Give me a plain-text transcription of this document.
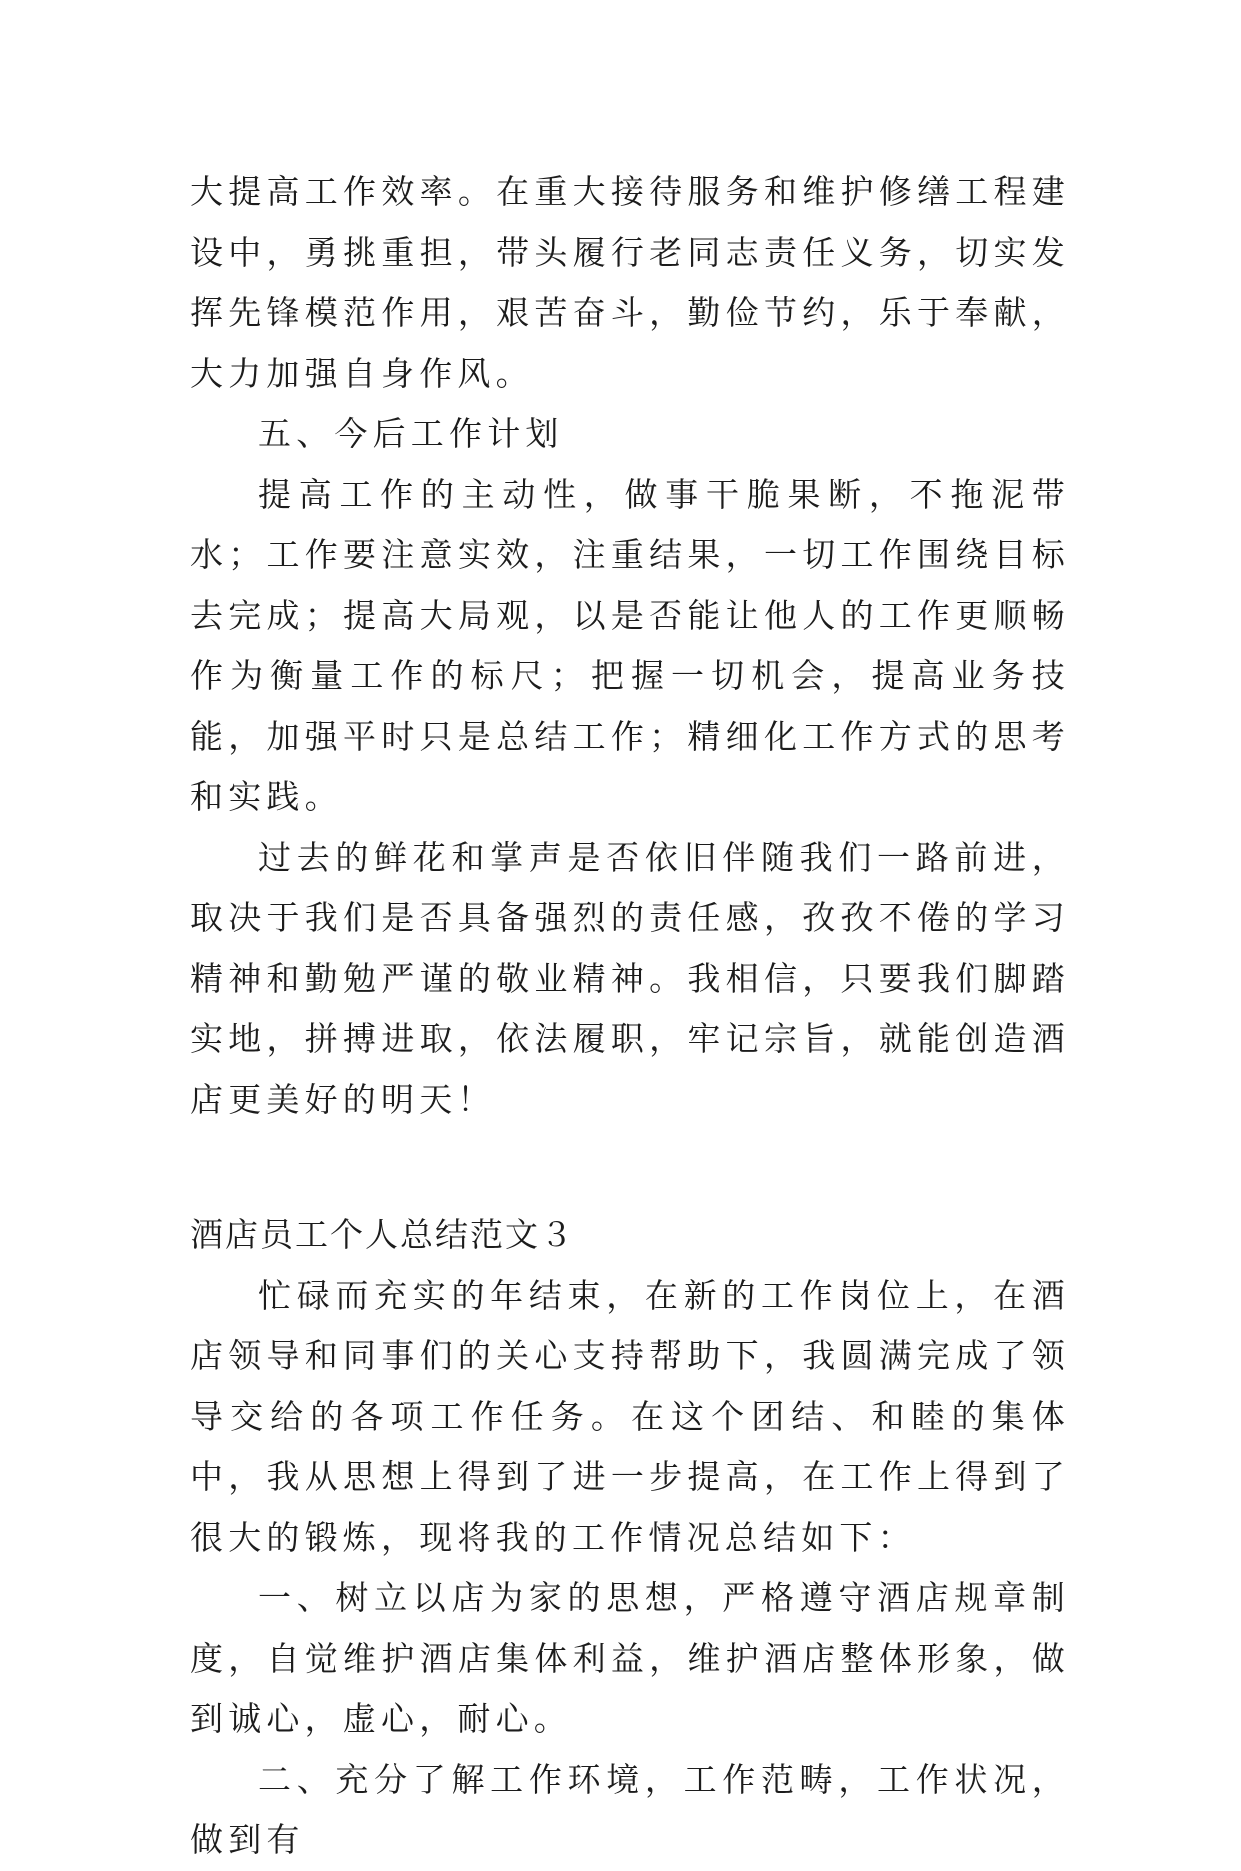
大提高工作效率。在重大接待服务和维护修缮工程建设中，勇挑重担，带头履行老同志责任义务，切实发挥先锋模范作用，艰苦奋斗，勤俭节约，乐于奉献，大力加强自身作风。

五、今后工作计划

提高工作的主动性，做事干脆果断，不拖泥带水；工作要注意实效，注重结果，一切工作围绕目标去完成；提高大局观，以是否能让他人的工作更顺畅作为衡量工作的标尺；把握一切机会，提高业务技能，加强平时只是总结工作；精细化工作方式的思考和实践。

过去的鲜花和掌声是否依旧伴随我们一路前进，取决于我们是否具备强烈的责任感，孜孜不倦的学习精神和勤勉严谨的敬业精神。我相信，只要我们脚踏实地，拼搏进取，依法履职，牢记宗旨，就能创造酒店更美好的明天！

酒店员工个人总结范文３

忙碌而充实的年结束，在新的工作岗位上，在酒店领导和同事们的关心支持帮助下，我圆满完成了领导交给的各项工作任务。在这个团结、和睦的集体中，我从思想上得到了进一步提高，在工作上得到了很大的锻炼，现将我的工作情况总结如下：

一、树立以店为家的思想，严格遵守酒店规章制度，自觉维护酒店集体利益，维护酒店整体形象，做到诚心，虚心，耐心。

二、充分了解工作环境，工作范畴，工作状况，做到有
